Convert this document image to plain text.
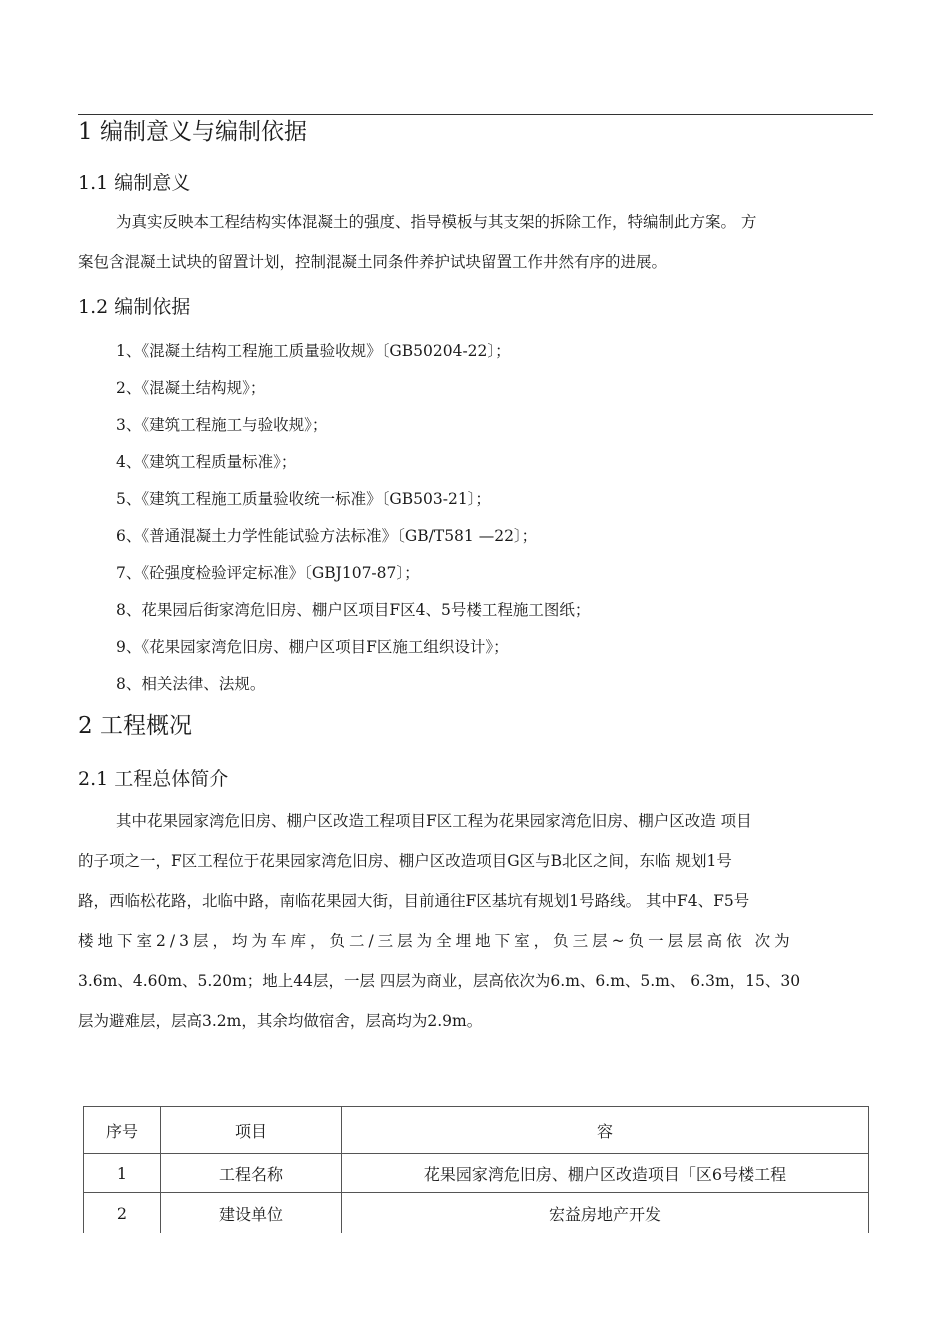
1 编制意义与编制依据
1.1 编制意义
为真实反映本工程结构实体混凝土的强度、指导模板与其支架的拆除工作，特编制此方案。 方
案包含混凝土试块的留置计划，控制混凝土同条件养护试块留置工作井然有序的进展。
1.2 编制依据
1、《混凝土结构工程施工质量验收规》〔GB50204-22〕；
2、《混凝土结构规》；
3、《建筑工程施工与验收规》；
4、《建筑工程质量标准》；
5、《建筑工程施工质量验收统一标准》〔GB503-21〕；
6、《普通混凝土力学性能试验方法标准》〔GB/T581 —22〕；
7、《砼强度检验评定标准》〔GBJ107-87〕；
8、花果园后街家湾危旧房、棚户区项目F区4、5号楼工程施工图纸；
9、《花果园家湾危旧房、棚户区项目F区施工组织设计》；
8、相关法律、法规。
2 工程概况
2.1 工程总体简介
其中花果园家湾危旧房、棚户区改造工程项目F区工程为花果园家湾危旧房、棚户区改造 项目
的子项之一，F区工程位于花果园家湾危旧房、棚户区改造项目G区与B北区之间，东临 规划1号
路，西临松花路，北临中路，南临花果园大街，目前通往F区基坑有规划1号路线。 其中F4、F5号
楼地下室2/3层，均为车库，负二/三层为全埋地下室，负三层~负一层层高依 次为
3.6m、4.60m、5.20m；地上44层，一层 四层为商业，层高依次为6.m、6.m、5.m、 6.3m，15、30
层为避难层，层高3.2m，其余均做宿舍，层高均为2.9m。
序号	项目	容
1	工程名称	花果园家湾危旧房、棚户区改造项目「区6号楼工程
2	建设单位	宏益房地产开发
